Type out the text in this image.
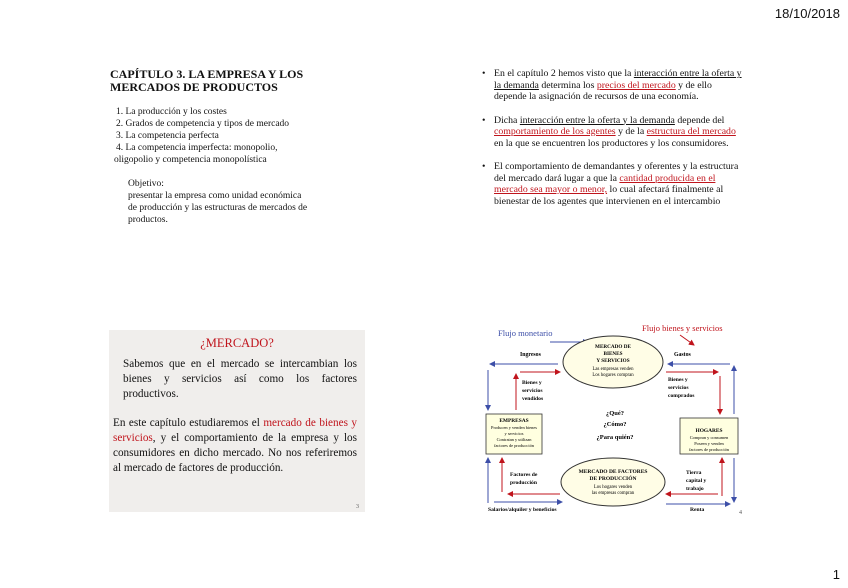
18/10/2018
CAPÍTULO 3. LA EMPRESA Y LOS
MERCADOS DE PRODUCTOS
1. La producción y los costes
2. Grados de competencia y tipos de mercado
3. La competencia perfecta
4. La competencia imperfecta: monopolio,
oligopolio y competencia monopolística
Objetivo:
presentar la empresa como unidad económica
de producción y las estructuras de mercados de
productos.
• En el capítulo 2 hemos visto que la interacción entre la oferta y la demanda determina los precios del mercado y de ello depende la asignación de recursos de una economía.
• Dicha interacción entre la oferta y la demanda depende del comportamiento de los agentes y de la estructura del mercado en la que se encuentren los productores y los consumidores.
• El comportamiento de demandantes y oferentes y la estructura del mercado dará lugar a que la cantidad producida en el mercado sea mayor o menor, lo cual afectará finalmente al bienestar de los agentes que intervienen en el intercambio
¿MERCADO?

Sabemos que en el mercado se intercambian los bienes y servicios así como los factores productivos.

En este capítulo estudiaremos el mercado de bienes y servicios, y el comportamiento de la empresa y los consumidores en dicho mercado. No nos referiremos al mercado de factores de producción.

3
Flujo monetario	Flujo bienes y servicios
MERCADO DE BIENES Y SERVICIOS
Las empresas venden Los hogares compran
MERCADO DE FACTORES DE PRODUCCIÓN
Los hogares venden las empresas compran
EMPRESAS
Producen y venden bienes y servicios Contratan y utilizan factores de producción
HOGARES
Compran y consumen Poseen y venden factores de producción
Ingresos	Gastos
Bienes y servicios vendidos
Bienes y servicios comprados
Factores de producción
Tierra capital y trabajo
Salarios/alquiler y beneficios	Renta
¿Qué? ¿Cómo? ¿Para quién?
4
1
